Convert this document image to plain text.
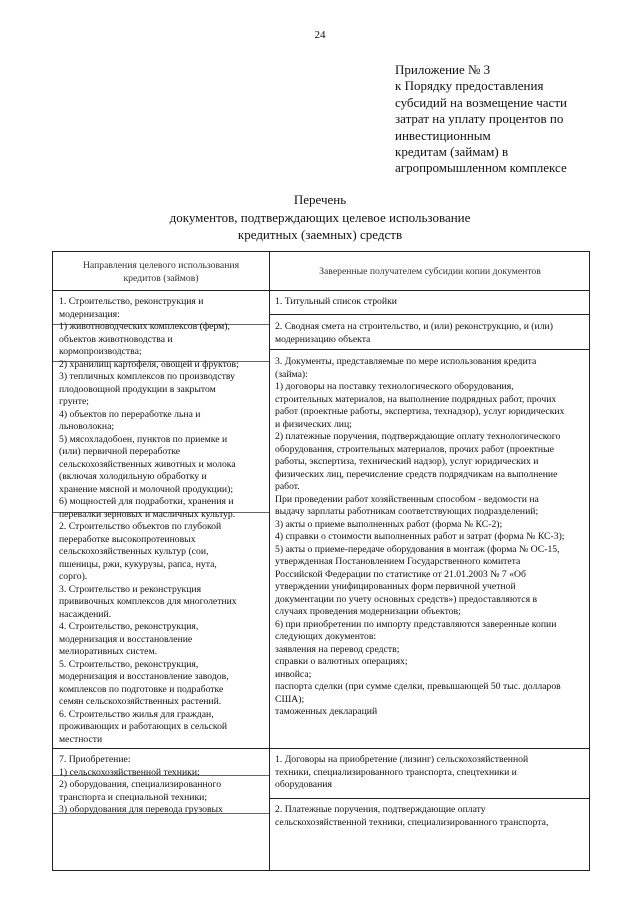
24
Приложение № 3
к Порядку предоставления
субсидий на возмещение части
затрат на уплату процентов по
инвестиционным
кредитам (займам) в
агропромышленном комплексе
Перечень
документов, подтверждающих целевое использование
кредитных (заемных) средств
Направления целевого использования
кредитов (займов)
Заверенные получателем субсидии копии документов
1. Строительство, реконструкция и
модернизация:
1) животноводческих комплексов (ферм),
объектов животноводства и
кормопроизводства;
2) хранилищ картофеля, овощей и фруктов;
3) тепличных комплексов по производству
плодоовощной продукции в закрытом
грунте;
4) объектов по переработке льна и
льноволокна;
5) мясохладобоен, пунктов по приемке и
(или) первичной переработке
сельскохозяйственных животных и молока
(включая холодильную обработку и
хранение мясной и молочной продукции);
6) мощностей для подработки, хранения и
перевалки зерновых и масличных культур.
2. Строительство объектов по глубокой
переработке высокопротеиновых
сельскохозяйственных культур (сои,
пшеницы, ржи, кукурузы, рапса, нута,
сорго).
3. Строительство и реконструкция
прививочных комплексов для многолетних
насаждений.
4. Строительство, реконструкция,
модернизация и восстановление
мелиоративных систем.
5. Строительство, реконструкция,
модернизация и восстановление заводов,
комплексов по подготовке и подработке
семян сельскохозяйственных растений.
6. Строительство жилья для граждан,
проживающих и работающих в сельской
местности
1. Титульный список стройки
2. Сводная смета на строительство, и (или) реконструкцию, и (или)
модернизацию объекта
3. Документы, представляемые по мере использования кредита
(займа):
1) договоры на поставку технологического оборудования,
строительных материалов, на выполнение подрядных работ, прочих
работ (проектные работы, экспертиза, технадзор), услуг юридических
и физических лиц;
2) платежные поручения, подтверждающие оплату технологического
оборудования, строительных материалов, прочих работ (проектные
работы, экспертиза, технический надзор), услуг юридических и
физических лиц, перечисление средств подрядчикам на выполнение
работ.
При проведении работ хозяйственным способом - ведомости на
выдачу зарплаты работникам соответствующих подразделений;
3) акты о приеме выполненных работ (форма № КС-2);
4) справки о стоимости выполненных работ и затрат (форма № КС-3);
5) акты о приеме-передаче оборудования в монтаж (форма № ОС-15,
утвержденная Постановлением Государственного комитета
Российской Федерации по статистике от 21.01.2003 № 7 «Об
утверждении унифицированных форм первичной учетной
документации по учету основных средств») предоставляются в
случаях проведения модернизации объектов;
6) при приобретении по импорту представляются заверенные копии
следующих документов:
заявления на перевод средств;
справки о валютных операциях;
инвойса;
паспорта сделки (при сумме сделки, превышающей 50 тыс. долларов
США);
таможенных деклараций
7. Приобретение:
1) сельскохозяйственной техники;
2) оборудования, специализированного
транспорта и специальной техники;
3) оборудования для перевода грузовых
1. Договоры на приобретение (лизинг) сельскохозяйственной
техники, специализированного транспорта, спецтехники и
оборудования
2. Платежные поручения, подтверждающие оплату
сельскохозяйственной техники, специализированного транспорта,
